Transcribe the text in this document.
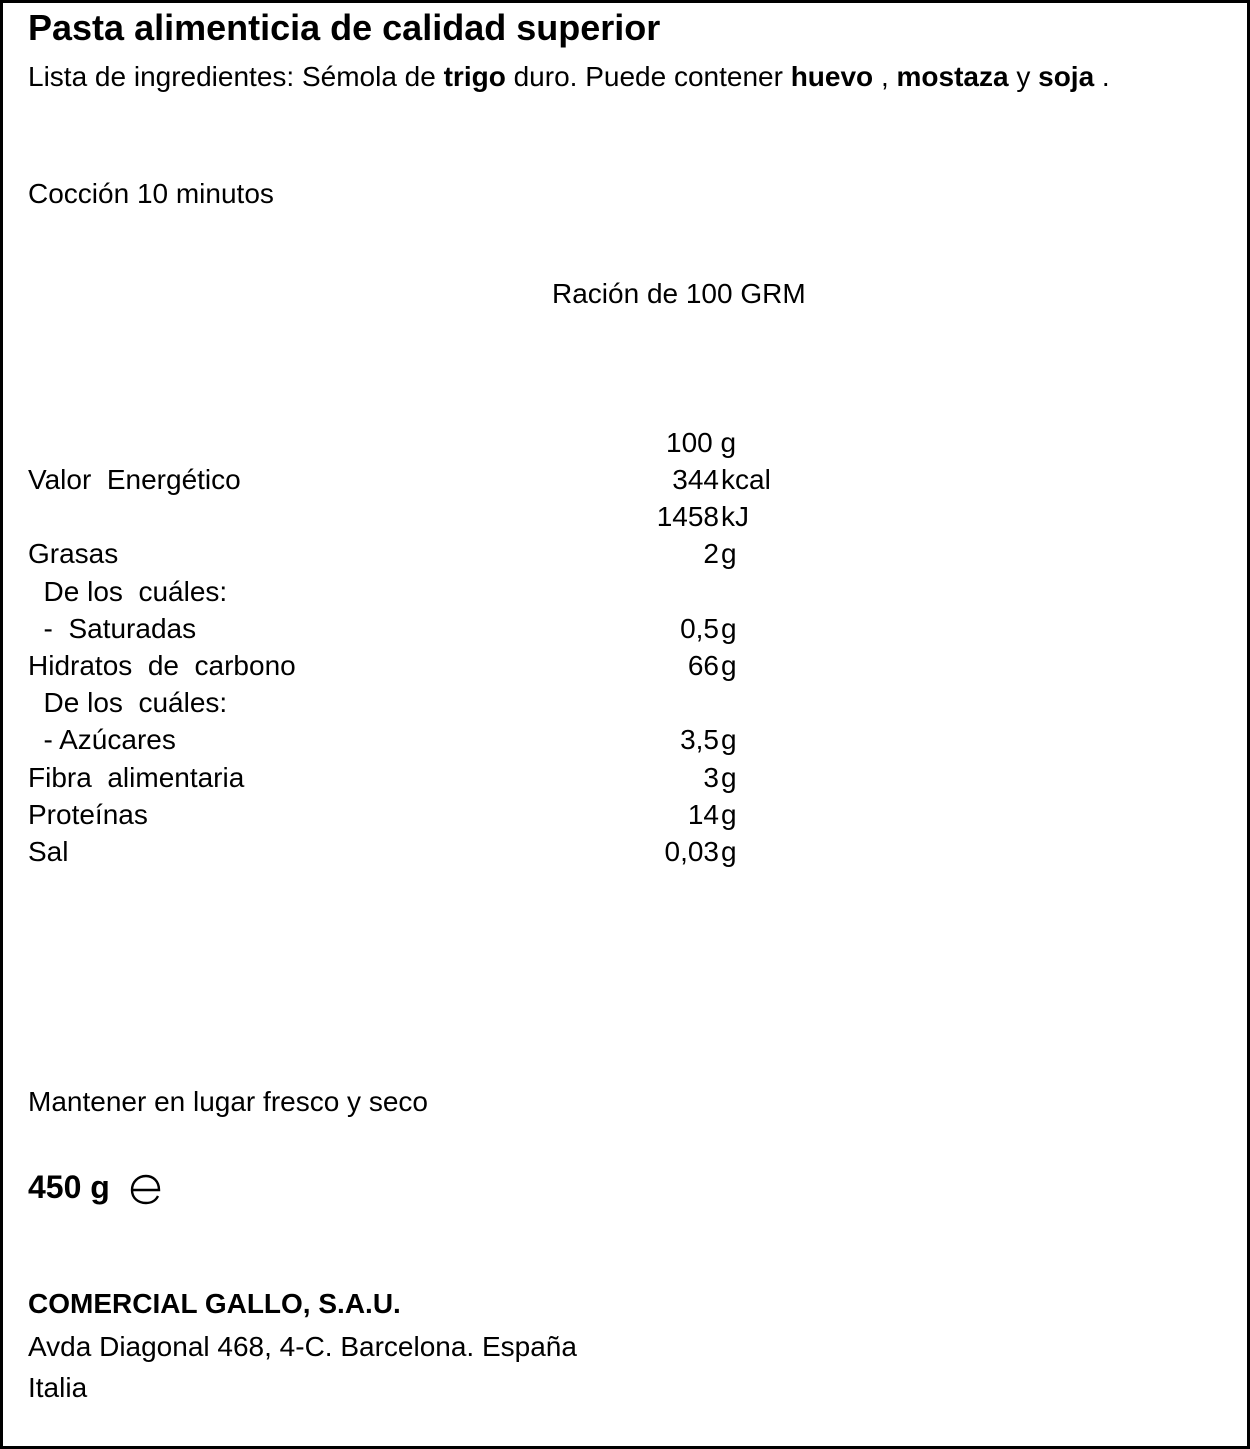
Pasta alimenticia de calidad superior
Lista de ingredientes: Sémola de trigo duro. Puede contener huevo , mostaza y soja .
Cocción 10 minutos
Ración de 100 GRM
100 g
Valor  Energético	344 kcal
1458 kJ
Grasas	2 g
De los  cuáles:
-  Saturadas	0,5 g
Hidratos  de  carbono	66 g
De los  cuáles:
- Azúcares	3,5 g
Fibra  alimentaria	3 g
Proteínas	14 g
Sal	0,03 g
Mantener en lugar fresco y seco
450 g
COMERCIAL GALLO, S.A.U.
Avda Diagonal 468, 4-C. Barcelona. España
Italia
